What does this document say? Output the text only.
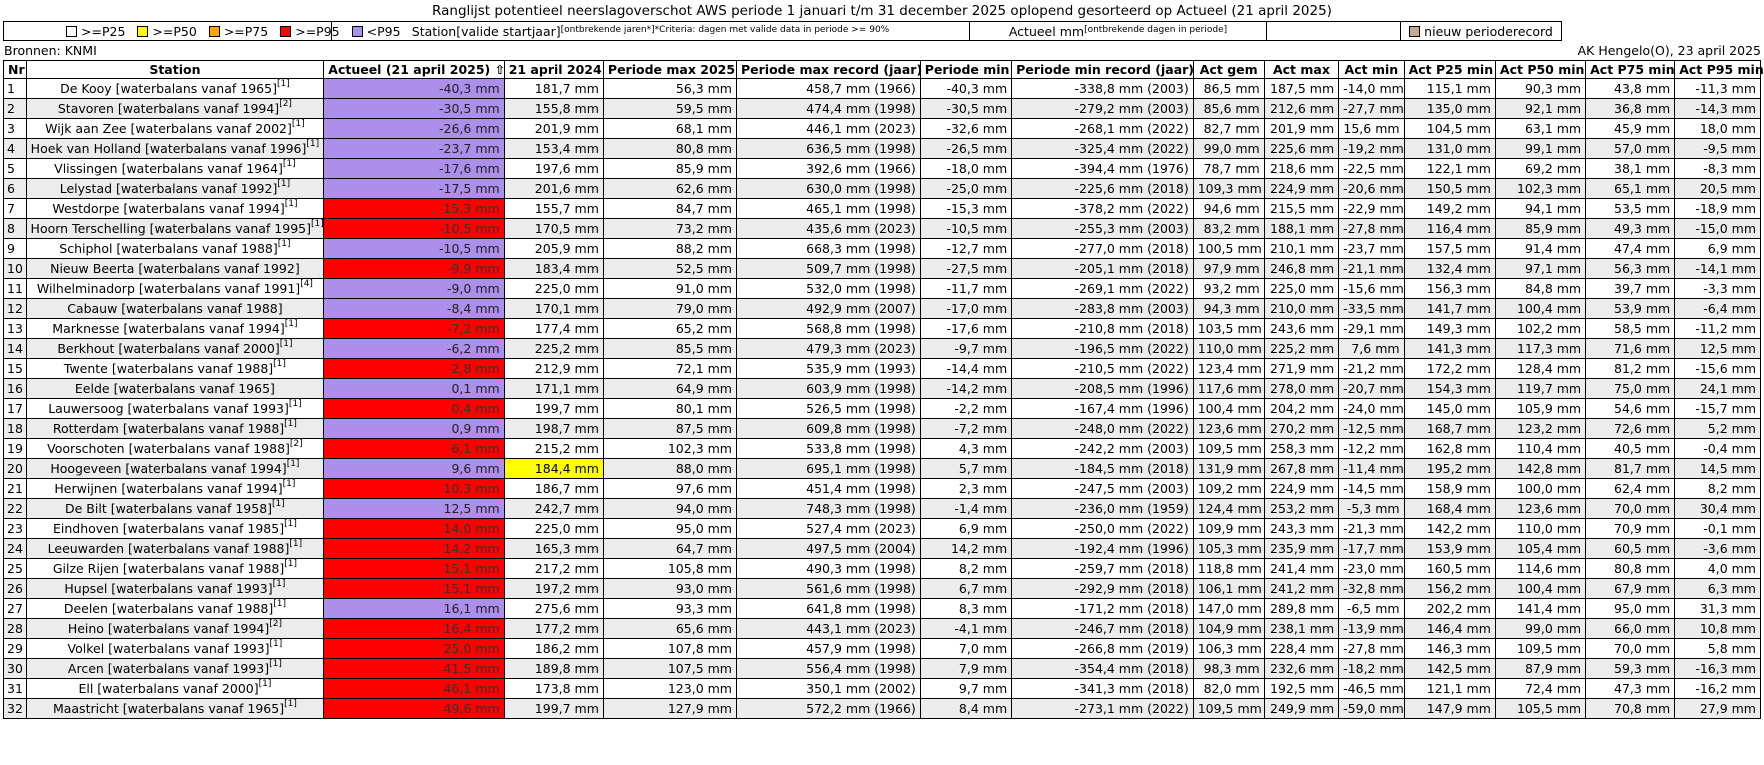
Ranglijst potentieel neerslagoverschot AWS periode 1 januari t/m 31 december 2025 oplopend gesorteerd op Actueel (21 april 2025)
>=P25 >=P50 >=P75 >=P95 <P95 Station[valide startjaar][ontbrekende jaren*] $^{*Criteria: dagen met valide data in periode >= 90\%}$	Actueel mm[ontbrekende dagen in periode]	nieuw perioderecord
Bronnen: KNMI	AK Hengelo(O), 23 april 2025
Nr	Station	Actueel (21 april 2025) ⇧	21 april 2024	Periode max 2025	Periode max record (jaar)	Periode min	Periode min record (jaar)	Act gem	Act max	Act min	Act P25 min	Act P50 min	Act P75 min	Act P95 min
1	De Kooy [waterbalans vanaf 1965][1]	-40,3 mm	181,7 mm	56,3 mm	458,7 mm (1966)	-40,3 mm	-338,8 mm (2003)	86,5 mm	187,5 mm	-14,0 mm	115,1 mm	90,3 mm	43,8 mm	-11,3 mm
2	Stavoren [waterbalans vanaf 1994][2]	-30,5 mm	155,8 mm	59,5 mm	474,4 mm (1998)	-30,5 mm	-279,2 mm (2003)	85,6 mm	212,6 mm	-27,7 mm	135,0 mm	92,1 mm	36,8 mm	-14,3 mm
3	Wijk aan Zee [waterbalans vanaf 2002][1]	-26,6 mm	201,9 mm	68,1 mm	446,1 mm (2023)	-32,6 mm	-268,1 mm (2022)	82,7 mm	201,9 mm	15,6 mm	104,5 mm	63,1 mm	45,9 mm	18,0 mm
4	Hoek van Holland [waterbalans vanaf 1996][1]	-23,7 mm	153,4 mm	80,8 mm	636,5 mm (1998)	-26,5 mm	-325,4 mm (2022)	99,0 mm	225,6 mm	-19,2 mm	131,0 mm	99,1 mm	57,0 mm	-9,5 mm
5	Vlissingen [waterbalans vanaf 1964][1]	-17,6 mm	197,6 mm	85,9 mm	392,6 mm (1966)	-18,0 mm	-394,4 mm (1976)	78,7 mm	218,6 mm	-22,5 mm	122,1 mm	69,2 mm	38,1 mm	-8,3 mm
6	Lelystad [waterbalans vanaf 1992][1]	-17,5 mm	201,6 mm	62,6 mm	630,0 mm (1998)	-25,0 mm	-225,6 mm (2018)	109,3 mm	224,9 mm	-20,6 mm	150,5 mm	102,3 mm	65,1 mm	20,5 mm
7	Westdorpe [waterbalans vanaf 1994][1]	-15,3 mm	155,7 mm	84,7 mm	465,1 mm (1998)	-15,3 mm	-378,2 mm (2022)	94,6 mm	215,5 mm	-22,9 mm	149,2 mm	94,1 mm	53,5 mm	-18,9 mm
8	Hoorn Terschelling [waterbalans vanaf 1995][1]	-10,5 mm	170,5 mm	73,2 mm	435,6 mm (2023)	-10,5 mm	-255,3 mm (2003)	83,2 mm	188,1 mm	-27,8 mm	116,4 mm	85,9 mm	49,3 mm	-15,0 mm
9	Schiphol [waterbalans vanaf 1988][1]	-10,5 mm	205,9 mm	88,2 mm	668,3 mm (1998)	-12,7 mm	-277,0 mm (2018)	100,5 mm	210,1 mm	-23,7 mm	157,5 mm	91,4 mm	47,4 mm	6,9 mm
10	Nieuw Beerta [waterbalans vanaf 1992]	-9,9 mm	183,4 mm	52,5 mm	509,7 mm (1998)	-27,5 mm	-205,1 mm (2018)	97,9 mm	246,8 mm	-21,1 mm	132,4 mm	97,1 mm	56,3 mm	-14,1 mm
11	Wilhelminadorp [waterbalans vanaf 1991][4]	-9,0 mm	225,0 mm	91,0 mm	532,0 mm (1998)	-11,7 mm	-269,1 mm (2022)	93,2 mm	225,0 mm	-15,6 mm	156,3 mm	84,8 mm	39,7 mm	-3,3 mm
12	Cabauw [waterbalans vanaf 1988]	-8,4 mm	170,1 mm	79,0 mm	492,9 mm (2007)	-17,0 mm	-283,8 mm (2003)	94,3 mm	210,0 mm	-33,5 mm	141,7 mm	100,4 mm	53,9 mm	-6,4 mm
13	Marknesse [waterbalans vanaf 1994][1]	-7,2 mm	177,4 mm	65,2 mm	568,8 mm (1998)	-17,6 mm	-210,8 mm (2018)	103,5 mm	243,6 mm	-29,1 mm	149,3 mm	102,2 mm	58,5 mm	-11,2 mm
14	Berkhout [waterbalans vanaf 2000][1]	-6,2 mm	225,2 mm	85,5 mm	479,3 mm (2023)	-9,7 mm	-196,5 mm (2022)	110,0 mm	225,2 mm	7,6 mm	141,3 mm	117,3 mm	71,6 mm	12,5 mm
15	Twente [waterbalans vanaf 1988][1]	-2,8 mm	212,9 mm	72,1 mm	535,9 mm (1993)	-14,4 mm	-210,5 mm (2022)	123,4 mm	271,9 mm	-21,2 mm	172,2 mm	128,4 mm	81,2 mm	-15,6 mm
16	Eelde [waterbalans vanaf 1965]	0,1 mm	171,1 mm	64,9 mm	603,9 mm (1998)	-14,2 mm	-208,5 mm (1996)	117,6 mm	278,0 mm	-20,7 mm	154,3 mm	119,7 mm	75,0 mm	24,1 mm
17	Lauwersoog [waterbalans vanaf 1993][1]	0,4 mm	199,7 mm	80,1 mm	526,5 mm (1998)	-2,2 mm	-167,4 mm (1996)	100,4 mm	204,2 mm	-24,0 mm	145,0 mm	105,9 mm	54,6 mm	-15,7 mm
18	Rotterdam [waterbalans vanaf 1988][1]	0,9 mm	198,7 mm	87,5 mm	609,8 mm (1998)	-7,2 mm	-248,0 mm (2022)	123,6 mm	270,2 mm	-12,5 mm	168,7 mm	123,2 mm	72,6 mm	5,2 mm
19	Voorschoten [waterbalans vanaf 1988][2]	6,1 mm	215,2 mm	102,3 mm	533,8 mm (1998)	4,3 mm	-242,2 mm (2003)	109,5 mm	258,3 mm	-12,2 mm	162,8 mm	110,4 mm	40,5 mm	-0,4 mm
20	Hoogeveen [waterbalans vanaf 1994][1]	9,6 mm	184,4 mm	88,0 mm	695,1 mm (1998)	5,7 mm	-184,5 mm (2018)	131,9 mm	267,8 mm	-11,4 mm	195,2 mm	142,8 mm	81,7 mm	14,5 mm
21	Herwijnen [waterbalans vanaf 1994][1]	10,3 mm	186,7 mm	97,6 mm	451,4 mm (1998)	2,3 mm	-247,5 mm (2003)	109,2 mm	224,9 mm	-14,5 mm	158,9 mm	100,0 mm	62,4 mm	8,2 mm
22	De Bilt [waterbalans vanaf 1958][1]	12,5 mm	242,7 mm	94,0 mm	748,3 mm (1998)	-1,4 mm	-236,0 mm (1959)	124,4 mm	253,2 mm	-5,3 mm	168,4 mm	123,6 mm	70,0 mm	30,4 mm
23	Eindhoven [waterbalans vanaf 1985][1]	14,0 mm	225,0 mm	95,0 mm	527,4 mm (2023)	6,9 mm	-250,0 mm (2022)	109,9 mm	243,3 mm	-21,3 mm	142,2 mm	110,0 mm	70,9 mm	-0,1 mm
24	Leeuwarden [waterbalans vanaf 1988][1]	14,2 mm	165,3 mm	64,7 mm	497,5 mm (2004)	14,2 mm	-192,4 mm (1996)	105,3 mm	235,9 mm	-17,7 mm	153,9 mm	105,4 mm	60,5 mm	-3,6 mm
25	Gilze Rijen [waterbalans vanaf 1988][1]	15,1 mm	217,2 mm	105,8 mm	490,3 mm (1998)	8,2 mm	-259,7 mm (2018)	118,8 mm	241,4 mm	-23,0 mm	160,5 mm	114,6 mm	80,8 mm	4,0 mm
26	Hupsel [waterbalans vanaf 1993][1]	15,1 mm	197,2 mm	93,0 mm	561,6 mm (1998)	6,7 mm	-292,9 mm (2018)	106,1 mm	241,2 mm	-32,8 mm	156,2 mm	100,4 mm	67,9 mm	6,3 mm
27	Deelen [waterbalans vanaf 1988][1]	16,1 mm	275,6 mm	93,3 mm	641,8 mm (1998)	8,3 mm	-171,2 mm (2018)	147,0 mm	289,8 mm	-6,5 mm	202,2 mm	141,4 mm	95,0 mm	31,3 mm
28	Heino [waterbalans vanaf 1994][2]	16,4 mm	177,2 mm	65,6 mm	443,1 mm (2023)	-4,1 mm	-246,7 mm (2018)	104,9 mm	238,1 mm	-13,9 mm	146,4 mm	99,0 mm	66,0 mm	10,8 mm
29	Volkel [waterbalans vanaf 1993][1]	25,0 mm	186,2 mm	107,8 mm	457,9 mm (1998)	7,0 mm	-266,8 mm (2019)	106,3 mm	228,4 mm	-27,8 mm	146,3 mm	109,5 mm	70,0 mm	5,8 mm
30	Arcen [waterbalans vanaf 1993][1]	41,5 mm	189,8 mm	107,5 mm	556,4 mm (1998)	7,9 mm	-354,4 mm (2018)	98,3 mm	232,6 mm	-18,2 mm	142,5 mm	87,9 mm	59,3 mm	-16,3 mm
31	Ell [waterbalans vanaf 2000][1]	46,1 mm	173,8 mm	123,0 mm	350,1 mm (2002)	9,7 mm	-341,3 mm (2018)	82,0 mm	192,5 mm	-46,5 mm	121,1 mm	72,4 mm	47,3 mm	-16,2 mm
32	Maastricht [waterbalans vanaf 1965][1]	49,6 mm	199,7 mm	127,9 mm	572,2 mm (1966)	8,4 mm	-273,1 mm (2022)	109,5 mm	249,9 mm	-59,0 mm	147,9 mm	105,5 mm	70,8 mm	27,9 mm
